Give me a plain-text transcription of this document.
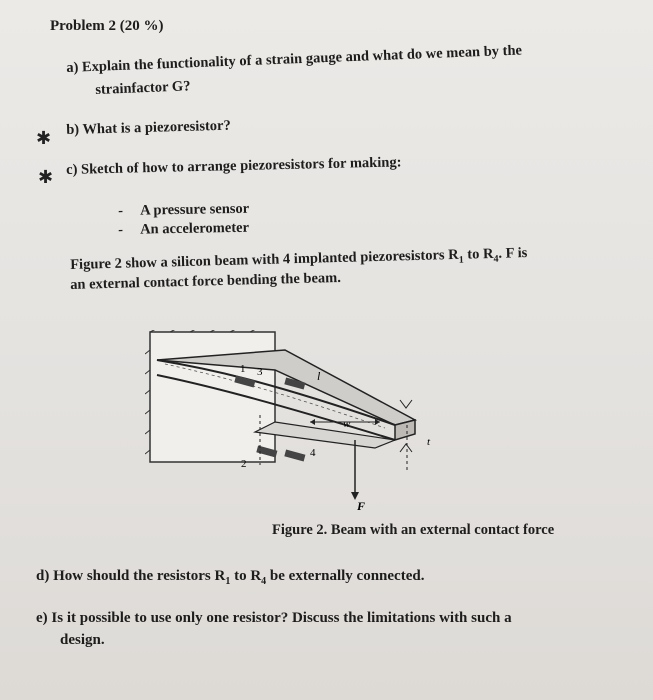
Problem 2 (20 %)
a) Explain the functionality of a strain gauge and what do we mean by the
strainfactor G?
✱
b) What is a piezoresistor?
✱ c) Sketch of how to arrange piezoresistors for making:
- A pressure sensor
- An accelerometer
Figure 2 show a silicon beam with 4 implanted piezoresistors $R_1$ to $R_4$. F is
an external contact force bending the beam.
1
2
3
4
l
w
F
t
Figure 2. Beam with an external contact force
d) How should the resistors $R_1$ to $R_4$ be externally connected.
e) Is it possible to use only one resistor? Discuss the limitations with such a
design.
